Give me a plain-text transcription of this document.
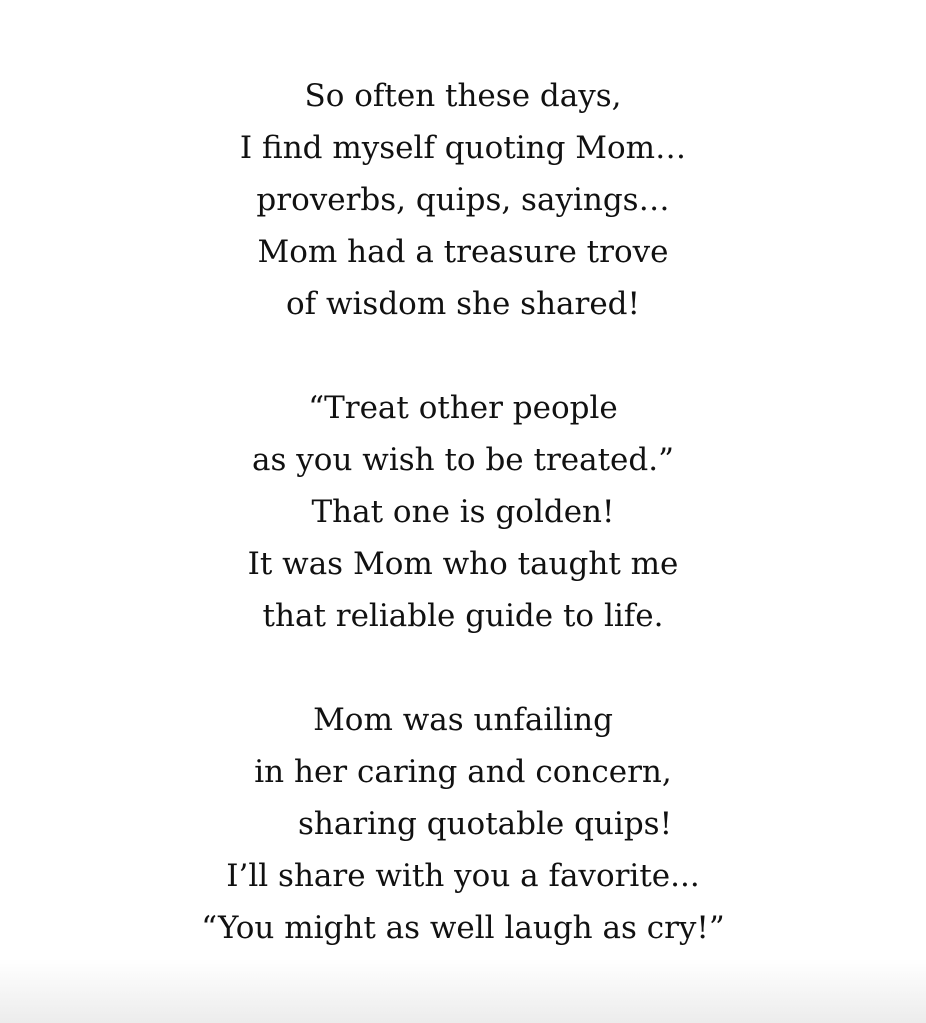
So often these days,
I find myself quoting Mom…
proverbs, quips, sayings…
Mom had a treasure trove
of wisdom she shared!

“Treat other people
as you wish to be treated.”
That one is golden!
It was Mom who taught me
that reliable guide to life.

Mom was unfailing
in her caring and concern,
sharing quotable quips!
I’ll share with you a favorite...
“You might as well laugh as cry!”
